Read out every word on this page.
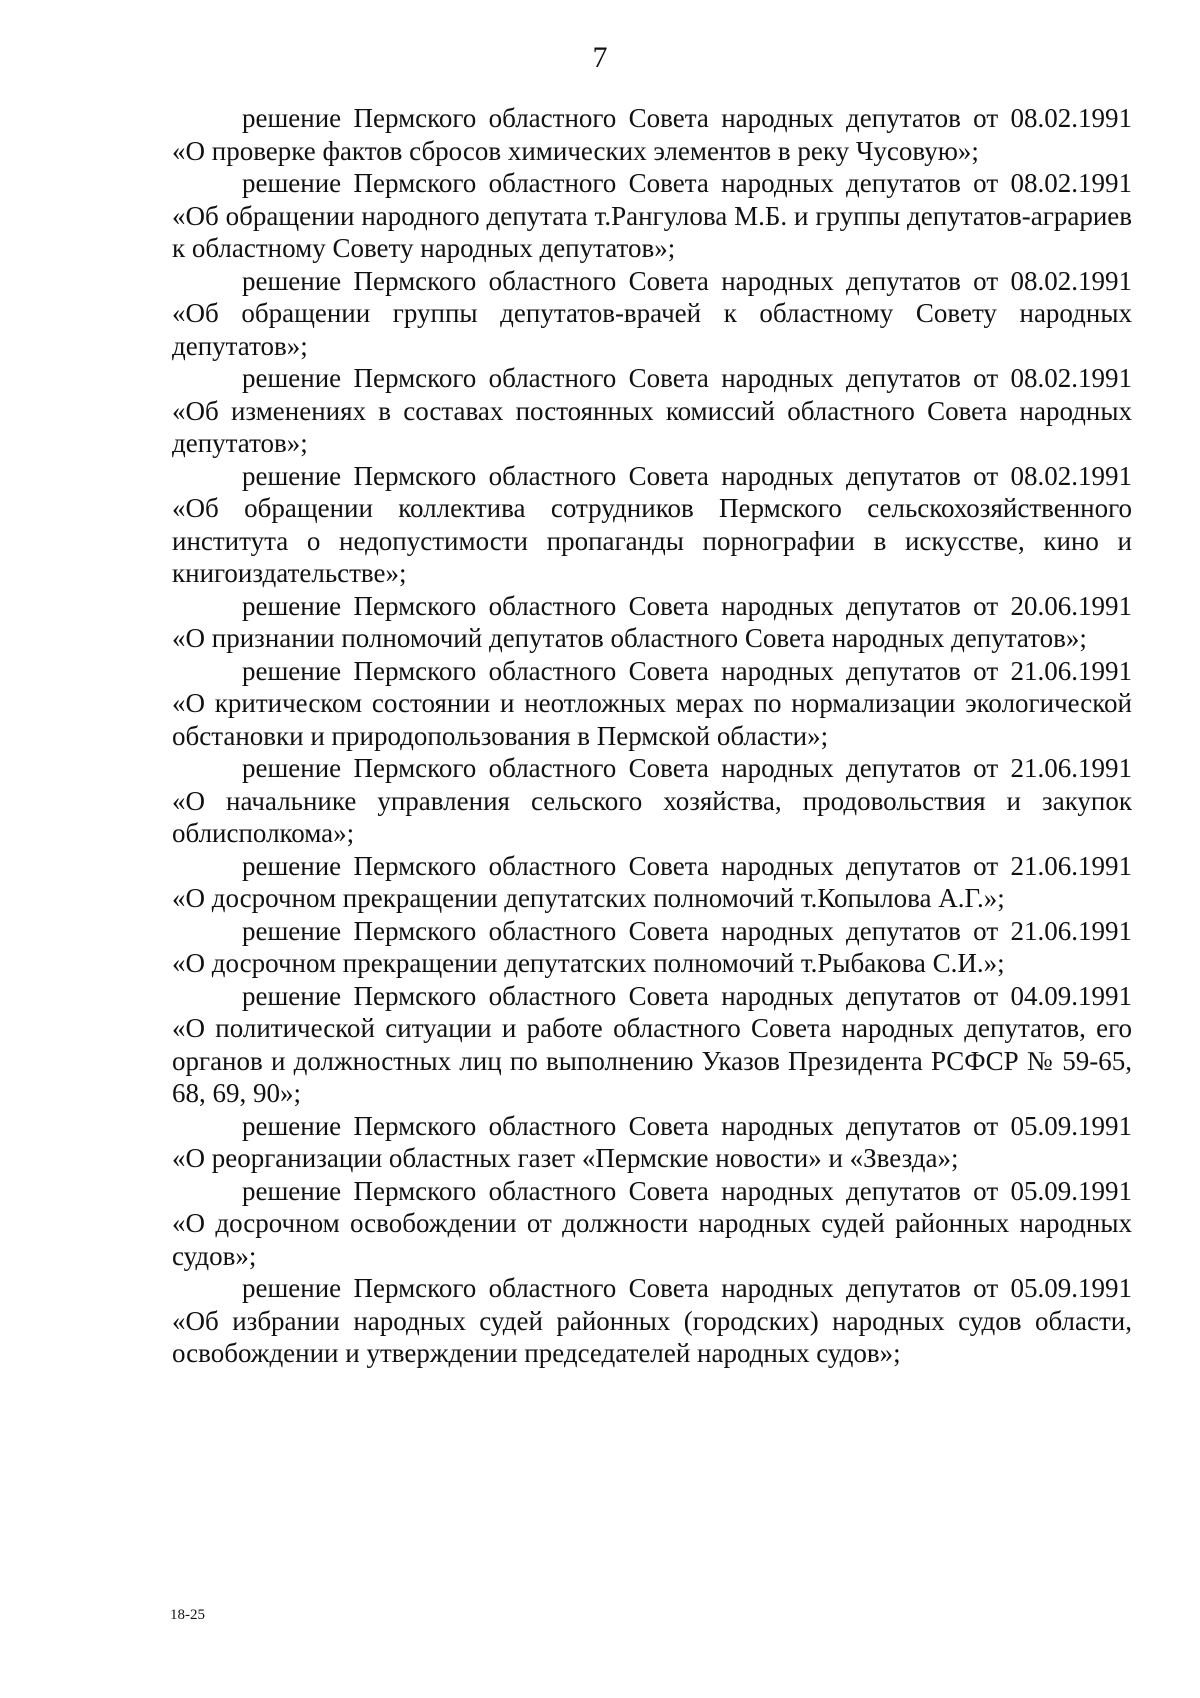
7

решение Пермского областного Совета народных депутатов от 08.02.1991 «О проверке фактов сбросов химических элементов в реку Чусовую»;

решение Пермского областного Совета народных депутатов от 08.02.1991 «Об обращении народного депутата т.Рангулова М.Б. и группы депутатов-аграриев к областному Совету народных депутатов»;

решение Пермского областного Совета народных депутатов от 08.02.1991 «Об обращении группы депутатов-врачей к областному Совету народных депутатов»;

решение Пермского областного Совета народных депутатов от 08.02.1991 «Об изменениях в составах постоянных комиссий областного Совета народных депутатов»;

решение Пермского областного Совета народных депутатов от 08.02.1991 «Об обращении коллектива сотрудников Пермского сельскохозяйственного института о недопустимости пропаганды порнографии в искусстве, кино и книгоиздательстве»;

решение Пермского областного Совета народных депутатов от 20.06.1991 «О признании полномочий депутатов областного Совета народных депутатов»;

решение Пермского областного Совета народных депутатов от 21.06.1991 «О критическом состоянии и неотложных мерах по нормализации экологической обстановки и природопользования в Пермской области»;

решение Пермского областного Совета народных депутатов от 21.06.1991 «О начальнике управления сельского хозяйства, продовольствия и закупок облисполкома»;

решение Пермского областного Совета народных депутатов от 21.06.1991 «О досрочном прекращении депутатских полномочий т.Копылова А.Г.»;

решение Пермского областного Совета народных депутатов от 21.06.1991 «О досрочном прекращении депутатских полномочий т.Рыбакова С.И.»;

решение Пермского областного Совета народных депутатов от 04.09.1991 «О политической ситуации и работе областного Совета народных депутатов, его органов и должностных лиц по выполнению Указов Президента РСФСР № 59-65, 68, 69, 90»;

решение Пермского областного Совета народных депутатов от 05.09.1991 «О реорганизации областных газет «Пермские новости» и «Звезда»;

решение Пермского областного Совета народных депутатов от 05.09.1991 «О досрочном освобождении от должности народных судей районных народных судов»;

решение Пермского областного Совета народных депутатов от 05.09.1991 «Об избрании народных судей районных (городских) народных судов области, освобождении и утверждении председателей народных судов»;

18-25
